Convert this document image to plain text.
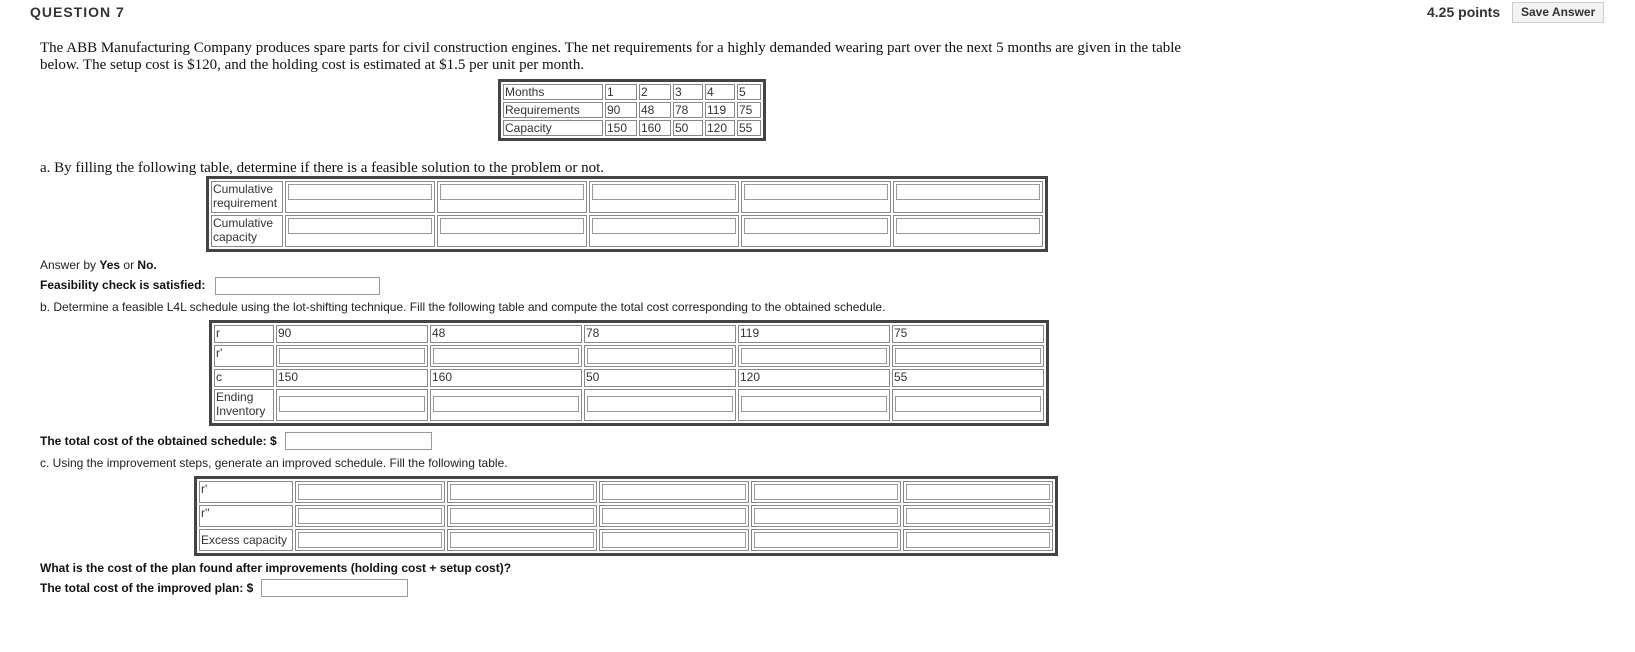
QUESTION 7	4.25 points	Save Answer
The ABB Manufacturing Company produces spare parts for civil construction engines. The net requirements for a highly demanded wearing part over the next 5 months are given in the table
below. The setup cost is $120, and the holding cost is estimated at $1.5 per unit per month.
Months	1	2	3	4	5
Requirements	90	48	78	119	75
Capacity	150	160	50	120	55
a. By filling the following table, determine if there is a feasible solution to the problem or not.
Cumulative requirement	

Cumulative capacity	

Answer by Yes or No.
Feasibility check is satisfied:
b. Determine a feasible L4L schedule using the lot-shifting technique. Fill the following table and compute the total cost corresponding to the obtained schedule.
r	90	48	78	119	75
r'	

c	150	160	50	120	55
Ending Inventory	

The total cost of the obtained schedule: $
c. Using the improvement steps, generate an improved schedule. Fill the following table.
r'	

r''	

Excess capacity	

What is the cost of the plan found after improvements (holding cost + setup cost)?
The total cost of the improved plan: $
